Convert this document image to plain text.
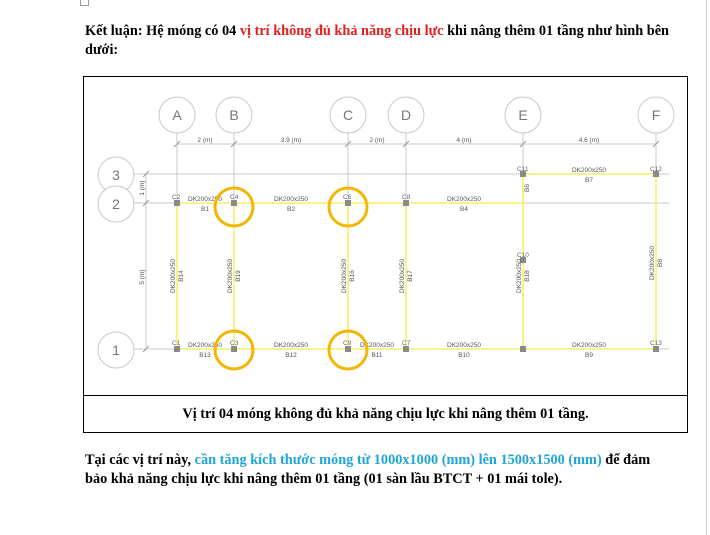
Kết luận: Hệ móng có 04 vị trí không đủ khả năng chịu lực khi nâng thêm 01 tầng như hình bên dưới:
2 (m)	3.9 (m)	2 (m)	4 (m)	4.6 (m)
1 (m)
5 (m)
A	B	C	D	E	F
3
2
1	C1
C2
C3
C4	C6
C7
C8
C9
C10
C11	C12
C13
DK200x250
B1
DK200x250
B2
DK200x250
B4
DK200x250
B7
DK200x250
B13
DK200x250
B12
DK200x250
B11
DK200x250
B10
DK200x250
B9
DK200x250 B14	DK200x250 B19	DK200x250 B16	DK200x250 B17	DK200x250 B18
B6
DK200x250 B8
Vị trí 04 móng không đủ khả năng chịu lực khi nâng thêm 01 tầng.
Tại các vị trí này, cần tăng kích thước móng từ 1000x1000 (mm) lên 1500x1500 (mm) để đảm bảo khả năng chịu lực khi nâng thêm 01 tầng (01 sàn lầu BTCT + 01 mái tole).
